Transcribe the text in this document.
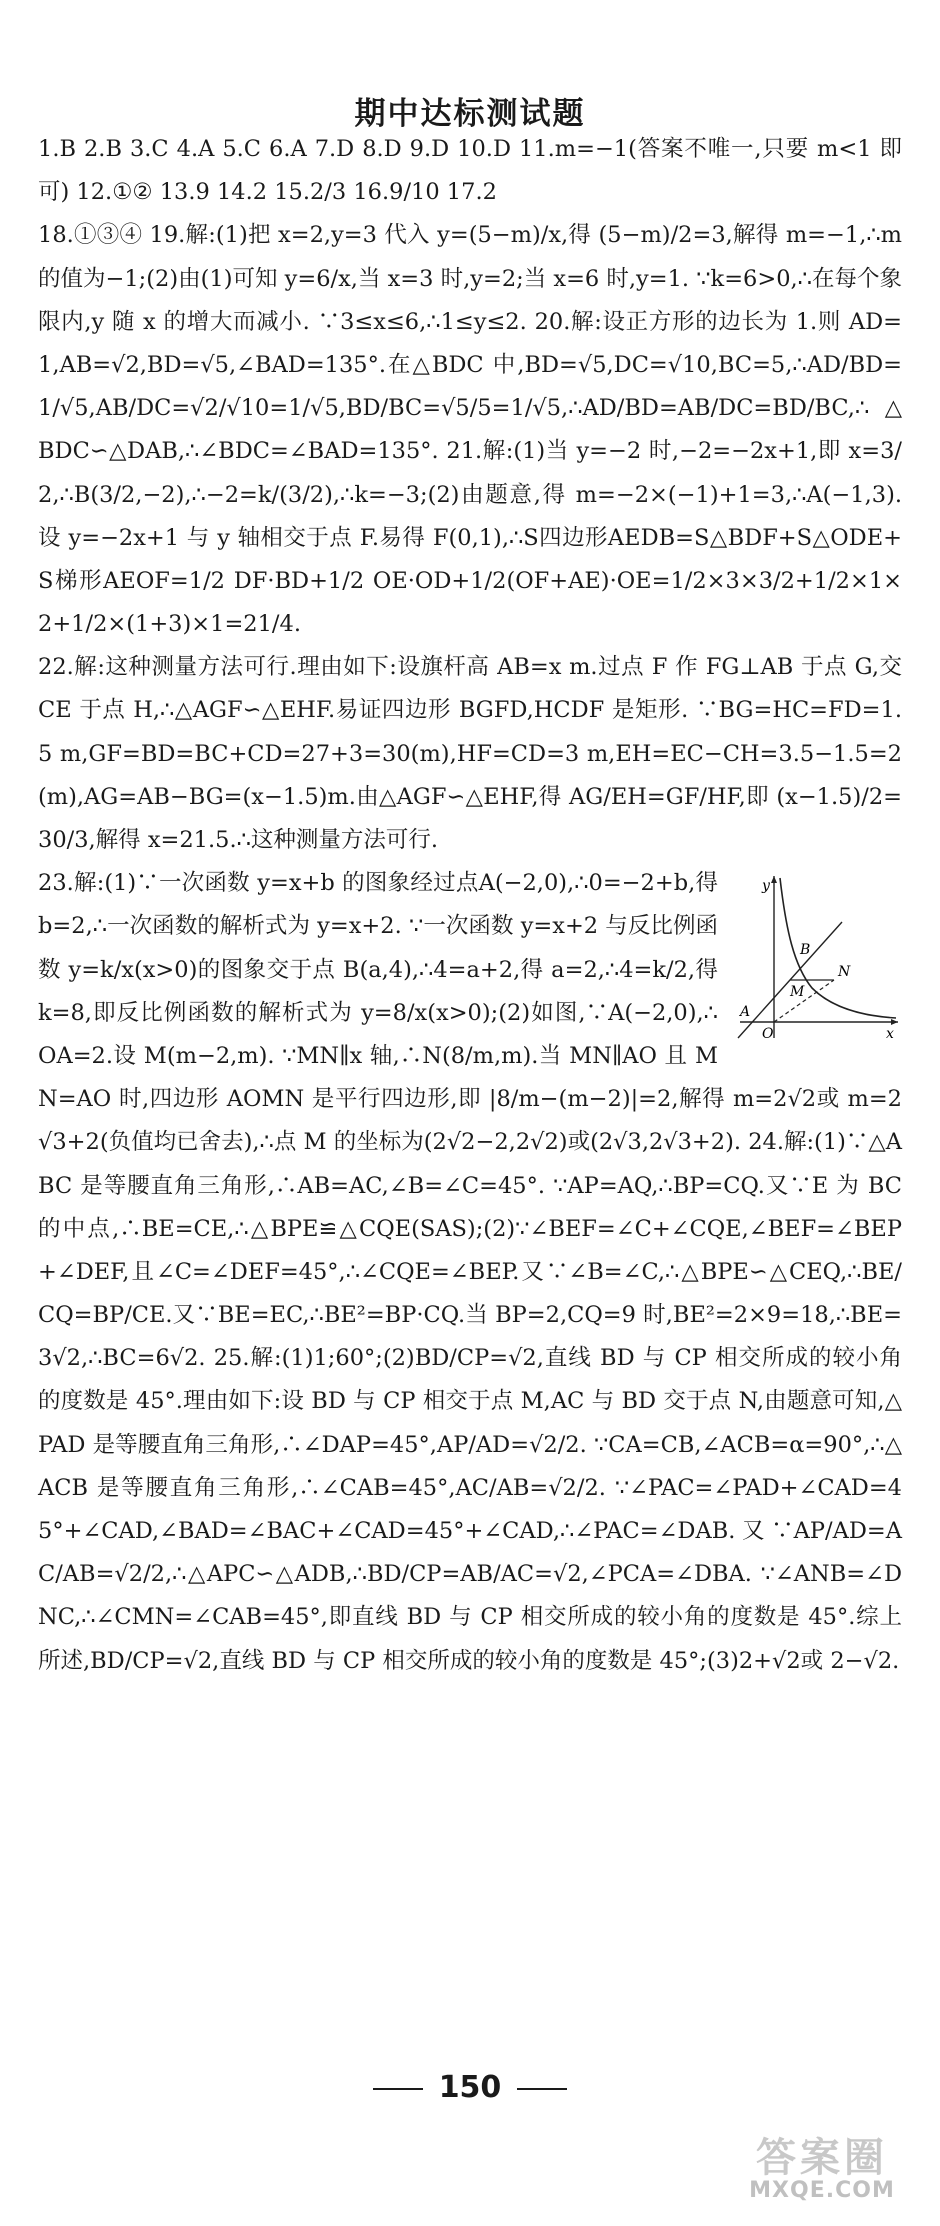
期中达标测试题

1.B 2.B 3.C 4.A 5.C 6.A 7.D 8.D 9.D 10.D 11.m=−1(答案不唯一,只要 m<1 即可) 12.①② 13.9 14.2 15.2/3 16.9/10 17.2

18.①③④ 19.解:(1)把 x=2,y=3 代入 y=(5−m)/x,得 (5−m)/2=3,解得 m=−1,∴m 的值为−1;(2)由(1)可知 y=6/x,当 x=3 时,y=2;当 x=6 时,y=1. ∵k=6>0,∴在每个象限内,y 随 x 的增大而减小. ∵3≤x≤6,∴1≤y≤2. 20.解:设正方形的边长为 1.则 AD=1,AB=√2,BD=√5,∠BAD=135°.在△BDC 中,BD=√5,DC=√10,BC=5,∴AD/BD=1/√5,AB/DC=√2/√10=1/√5,BD/BC=√5/5=1/√5,∴AD/BD=AB/DC=BD/BC,∴△BDC∽△DAB,∴∠BDC=∠BAD=135°. 21.解:(1)当 y=−2 时,−2=−2x+1,即 x=3/2,∴B(3/2,−2),∴−2=k/(3/2),∴k=−3;(2)由题意,得 m=−2×(−1)+1=3,∴A(−1,3).设 y=−2x+1 与 y 轴相交于点 F.易得 F(0,1),∴S四边形AEDB=S△BDF+S△ODE+S梯形AEOF=1/2 DF·BD+1/2 OE·OD+1/2(OF+AE)·OE=1/2×3×3/2+1/2×1×2+1/2×(1+3)×1=21/4.

22.解:这种测量方法可行.理由如下:设旗杆高 AB=x m.过点 F 作 FG⊥AB 于点 G,交 CE 于点 H,∴△AGF∽△EHF.易证四边形 BGFD,HCDF 是矩形. ∵BG=HC=FD=1.5 m,GF=BD=BC+CD=27+3=30(m),HF=CD=3 m,EH=EC−CH=3.5−1.5=2(m),AG=AB−BG=(x−1.5)m.由△AGF∽△EHF,得 AG/EH=GF/HF,即 (x−1.5)/2=30/3,解得 x=21.5.∴这种测量方法可行.

y
x
O
A
B
M
N

23.解:(1)∵一次函数 y=x+b 的图象经过点A(−2,0),∴0=−2+b,得 b=2,∴一次函数的解析式为 y=x+2. ∵一次函数 y=x+2 与反比例函数 y=k/x(x>0)的图象交于点 B(a,4),∴4=a+2,得 a=2,∴4=k/2,得 k=8,即反比例函数的解析式为 y=8/x(x>0);(2)如图,∵A(−2,0),∴OA=2.设 M(m−2,m). ∵MN∥x 轴,∴N(8/m,m).当 MN∥AO 且 MN=AO 时,四边形 AOMN 是平行四边形,即 |8/m−(m−2)|=2,解得 m=2√2或 m=2√3+2(负值均已舍去),∴点 M 的坐标为(2√2−2,2√2)或(2√3,2√3+2). 24.解:(1)∵△ABC 是等腰直角三角形,∴AB=AC,∠B=∠C=45°. ∵AP=AQ,∴BP=CQ.又∵E 为 BC 的中点,∴BE=CE,∴△BPE≌△CQE(SAS);(2)∵∠BEF=∠C+∠CQE,∠BEF=∠BEP+∠DEF,且∠C=∠DEF=45°,∴∠CQE=∠BEP.又∵∠B=∠C,∴△BPE∽△CEQ,∴BE/CQ=BP/CE.又∵BE=EC,∴BE²=BP·CQ.当 BP=2,CQ=9 时,BE²=2×9=18,∴BE=3√2,∴BC=6√2. 25.解:(1)1;60°;(2)BD/CP=√2,直线 BD 与 CP 相交所成的较小角的度数是 45°.理由如下:设 BD 与 CP 相交于点 M,AC 与 BD 交于点 N,由题意可知,△PAD 是等腰直角三角形,∴∠DAP=45°,AP/AD=√2/2. ∵CA=CB,∠ACB=α=90°,∴△ACB 是等腰直角三角形,∴∠CAB=45°,AC/AB=√2/2. ∵∠PAC=∠PAD+∠CAD=45°+∠CAD,∠BAD=∠BAC+∠CAD=45°+∠CAD,∴∠PAC=∠DAB.又∵AP/AD=AC/AB=√2/2,∴△APC∽△ADB,∴BD/CP=AB/AC=√2,∠PCA=∠DBA. ∵∠ANB=∠DNC,∴∠CMN=∠CAB=45°,即直线 BD 与 CP 相交所成的较小角的度数是 45°.综上所述,BD/CP=√2,直线 BD 与 CP 相交所成的较小角的度数是 45°;(3)2+√2或 2−√2.

150
答案圈
MXQE.COM
